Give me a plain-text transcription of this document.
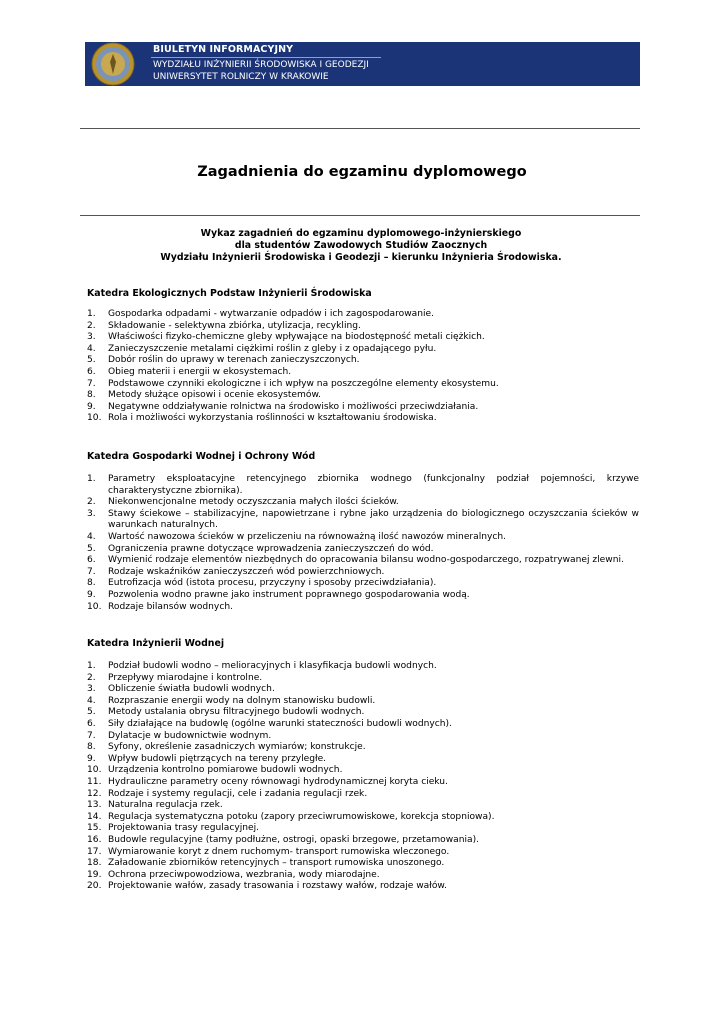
BIULETYN INFORMACYJNY
WYDZIAŁU INŻYNIERII ŚRODOWISKA I GEODEZJI
UNIWERSYTET ROLNICZY W KRAKOWIE
Zagadnienia do egzaminu dyplomowego
Wykaz zagadnień do egzaminu dyplomowego-inżynierskiego
dla studentów Zawodowych Studiów Zaocznych
Wydziału Inżynierii Środowiska i Geodezji – kierunku Inżynieria Środowiska.
Katedra Ekologicznych Podstaw Inżynierii Środowiska
1. Gospodarka odpadami - wytwarzanie odpadów i ich zagospodarowanie.
2. Składowanie - selektywna zbiórka, utylizacja, recykling.
3. Właściwości fizyko-chemiczne gleby wpływające na biodostępność metali ciężkich.
4. Zanieczyszczenie metalami ciężkimi roślin z gleby i z opadającego pyłu.
5. Dobór roślin do uprawy w terenach zanieczyszczonych.
6. Obieg materii i energii w ekosystemach.
7. Podstawowe czynniki ekologiczne i ich wpływ na poszczególne elementy ekosystemu.
8. Metody służące opisowi i ocenie ekosystemów.
9. Negatywne oddziaływanie rolnictwa na środowisko i możliwości przeciwdziałania.
10. Rola i możliwości wykorzystania roślinności w kształtowaniu środowiska.
Katedra Gospodarki Wodnej i Ochrony Wód
1. Parametry eksploatacyjne retencyjnego zbiornika wodnego (funkcjonalny podział pojemności, krzywe charakterystyczne zbiornika).
2. Niekonwencjonalne metody oczyszczania małych ilości ścieków.
3. Stawy ściekowe – stabilizacyjne, napowietrzane i rybne jako urządzenia do biologicznego oczyszczania ścieków w warunkach naturalnych.
4. Wartość nawozowa ścieków w przeliczeniu na równoważną ilość nawozów mineralnych.
5. Ograniczenia prawne dotyczące wprowadzenia zanieczyszczeń do wód.
6. Wymienić rodzaje elementów niezbędnych do opracowania bilansu wodno-gospodarczego, rozpatrywanej zlewni.
7. Rodzaje wskaźników zanieczyszczeń wód powierzchniowych.
8. Eutrofizacja wód (istota procesu, przyczyny i sposoby przeciwdziałania).
9. Pozwolenia wodno prawne jako instrument poprawnego gospodarowania wodą.
10. Rodzaje bilansów wodnych.
Katedra Inżynierii Wodnej
1. Podział budowli wodno – melioracyjnych i klasyfikacja budowli wodnych.
2. Przepływy miarodajne i kontrolne.
3. Obliczenie światła budowli wodnych.
4. Rozpraszanie energii wody na dolnym stanowisku budowli.
5. Metody ustalania obrysu filtracyjnego budowli wodnych.
6. Siły działające na budowlę (ogólne warunki stateczności budowli wodnych).
7. Dylatacje w budownictwie wodnym.
8. Syfony, określenie zasadniczych wymiarów; konstrukcje.
9. Wpływ budowli piętrzących na tereny przyległe.
10. Urządzenia kontrolno pomiarowe budowli wodnych.
11. Hydrauliczne parametry oceny równowagi hydrodynamicznej koryta cieku.
12. Rodzaje i systemy regulacji, cele i zadania regulacji rzek.
13. Naturalna regulacja rzek.
14. Regulacja systematyczna potoku (zapory przeciwrumowiskowe, korekcja stopniowa).
15. Projektowania trasy regulacyjnej.
16. Budowle regulacyjne (tamy podłużne, ostrogi, opaski brzegowe, przetamowania).
17. Wymiarowanie koryt z dnem ruchomym- transport rumowiska wleczonego.
18. Załadowanie zbiorników retencyjnych – transport rumowiska unoszonego.
19. Ochrona przeciwpowodziowa, wezbrania, wody miarodajne.
20. Projektowanie wałów, zasady trasowania i rozstawy wałów, rodzaje wałów.
